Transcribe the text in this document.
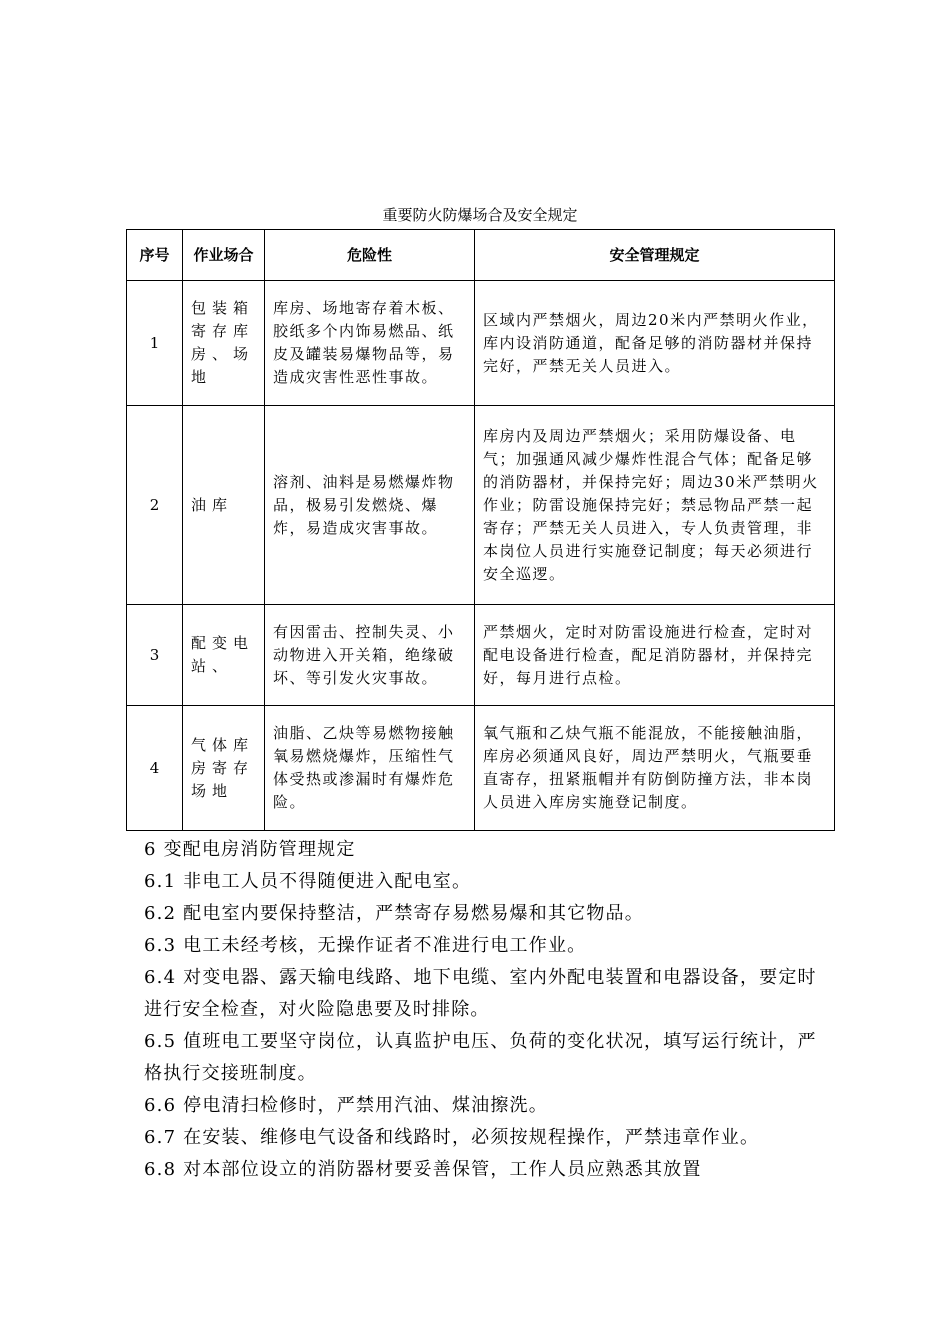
重要防火防爆场合及安全规定
序号	作业场合	危险性	安全管理规定
1	包装箱寄存库房、场地	库房、场地寄存着木板、胶纸多个内饰易燃品、纸皮及罐装易爆物品等，易造成灾害性恶性事故。	区域内严禁烟火，周边20米内严禁明火作业，库内设消防通道，配备足够的消防器材并保持完好，严禁无关人员进入。
2	油库	溶剂、油料是易燃爆炸物品，极易引发燃烧、爆炸，易造成灾害事故。	库房内及周边严禁烟火；采用防爆设备、电气；加强通风减少爆炸性混合气体；配备足够的消防器材，并保持完好；周边30米严禁明火作业；防雷设施保持完好；禁忌物品严禁一起寄存；严禁无关人员进入，专人负责管理，非本岗位人员进行实施登记制度；每天必须进行安全巡逻。
3	配变电站、	有因雷击、控制失灵、小动物进入开关箱，绝缘破坏、等引发火灾事故。	严禁烟火，定时对防雷设施进行检查，定时对配电设备进行检查，配足消防器材，并保持完好，每月进行点检。
4	气体库房寄存场地	油脂、乙炔等易燃物接触氧易燃烧爆炸，压缩性气体受热或渗漏时有爆炸危险。	氧气瓶和乙炔气瓶不能混放，不能接触油脂，库房必须通风良好，周边严禁明火，气瓶要垂直寄存，扭紧瓶帽并有防倒防撞方法，非本岗人员进入库房实施登记制度。

6 变配电房消防管理规定

6.1 非电工人员不得随便进入配电室。

6.2 配电室内要保持整洁，严禁寄存易燃易爆和其它物品。

6.3 电工未经考核，无操作证者不准进行电工作业。

6.4 对变电器、露天输电线路、地下电缆、室内外配电装置和电器设备，要定时进行安全检查，对火险隐患要及时排除。

6.5 值班电工要坚守岗位，认真监护电压、负荷的变化状况，填写运行统计，严格执行交接班制度。

6.6 停电清扫检修时，严禁用汽油、煤油擦洗。

6.7 在安装、维修电气设备和线路时，必须按规程操作，严禁违章作业。

6.8 对本部位设立的消防器材要妥善保管，工作人员应熟悉其放置
